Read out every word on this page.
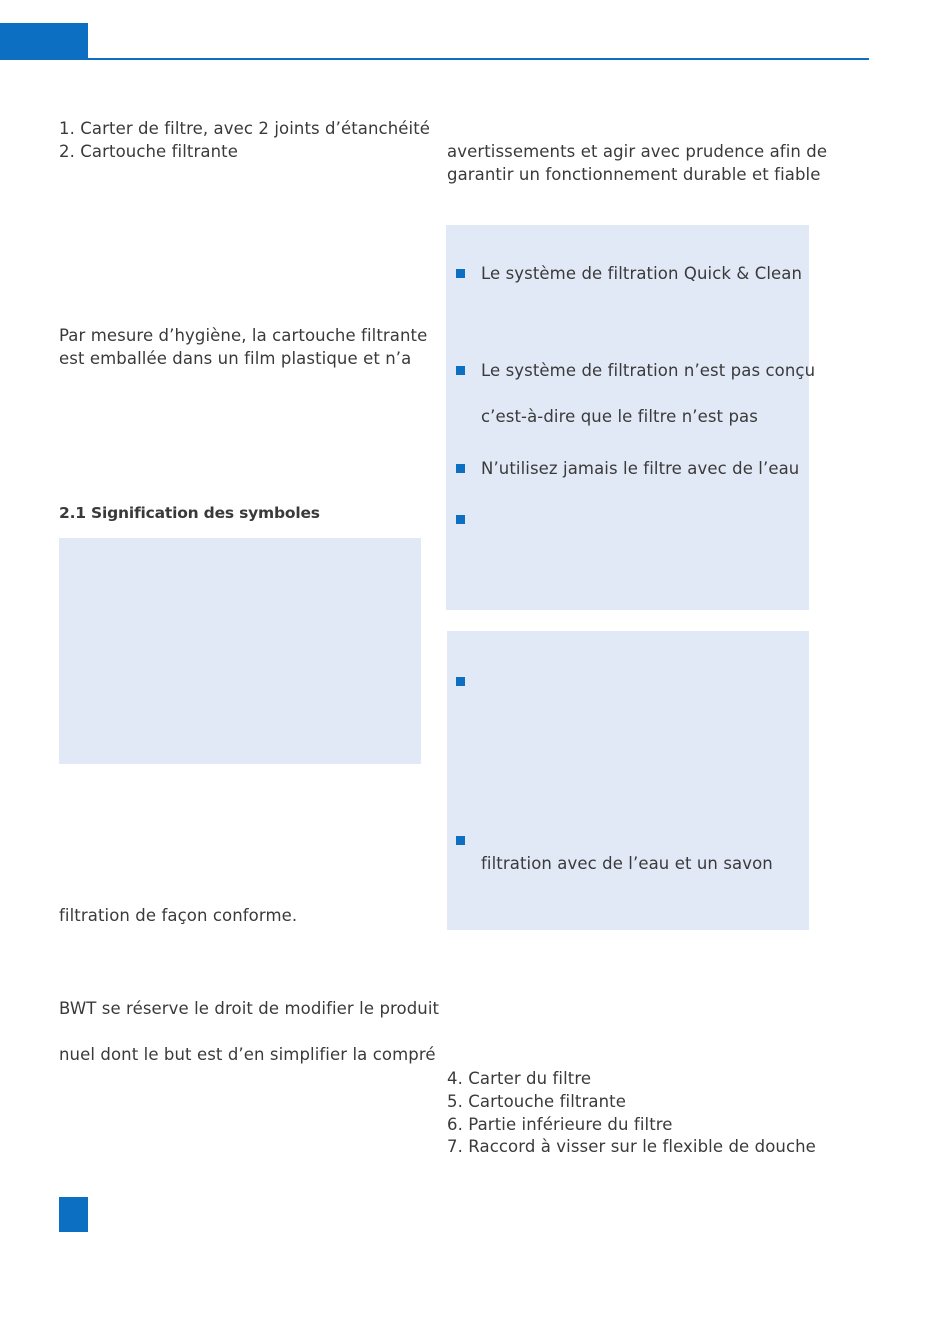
1. Carter de filtre, avec 2 joints d’étanchéité
2. Cartouche filtrante
Par mesure d’hygiène, la cartouche filtrante
est emballée dans un film plastique et n’a
2.1 Signification des symboles
filtration de façon conforme.
BWT se réserve le droit de modifier le produit
nuel dont le but est d’en simplifier la compré
avertissements et agir avec prudence afin de
garantir un fonctionnement durable et fiable
Le système de filtration Quick & Clean
Le système de filtration n’est pas conçu
c’est-à-dire que le filtre n’est pas
N’utilisez jamais le filtre avec de l’eau
filtration avec de l’eau et un savon
4. Carter du filtre
5. Cartouche filtrante
6. Partie inférieure du filtre
7. Raccord à visser sur le flexible de douche
